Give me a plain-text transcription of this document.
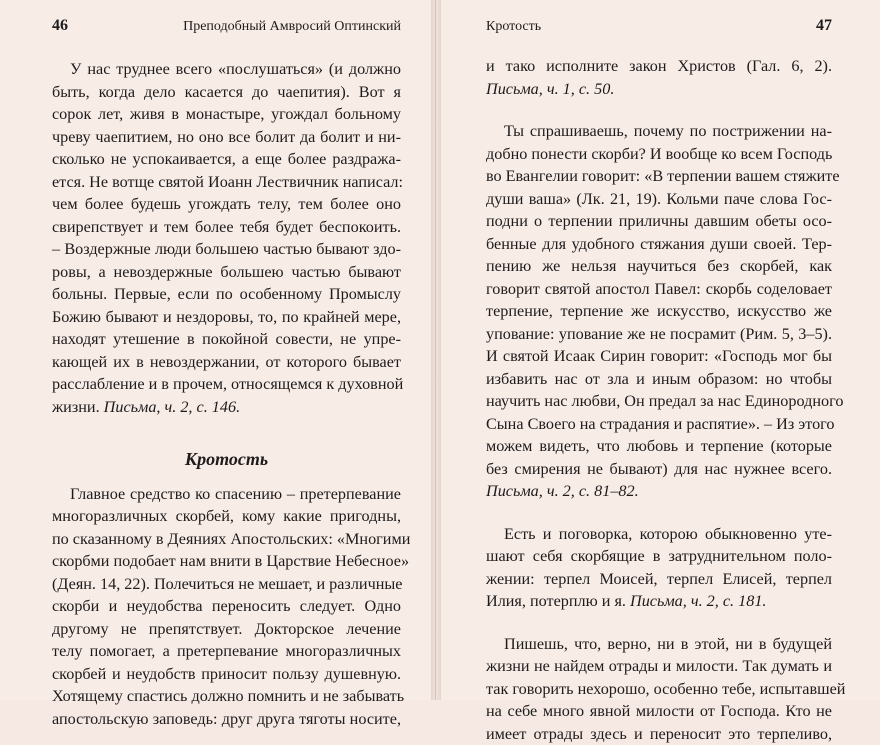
46	Преподобный Амвросий Оптинский
У нас труднее всего «послушаться» (и должно
быть, когда дело касается до чаепития). Вот я
сорок лет, живя в монастыре, угождал больному
чреву чаепитием, но оно все болит да болит и ни-
сколько не успокаивается, а еще более раздража-
ется. Не вотще святой Иоанн Лествичник написал:
чем более будешь угождать телу, тем более оно
свирепствует и тем более тебя будет беспокоить.
– Воздержные люди большею частью бывают здо-
ровы, а невоздержные большею частью бывают
больны. Первые, если по особенному Промыслу
Божию бывают и нездоровы, то, по крайней мере,
находят утешение в покойной совести, не упре-
кающей их в невоздержании, от которого бывает
расслабление и в прочем, относящемся к духовной
жизни. Письма, ч. 2, с. 146.
Кротость
Главное средство ко спасению – претерпевание
многоразличных скорбей, кому какие пригодны,
по сказанному в Деяниях Апостольских: «Многими
скорбми подобает нам внити в Царствие Небесное»
(Деян. 14, 22). Полечиться не мешает, и различные
скорби и неудобства переносить следует. Одно
другому не препятствует. Докторское лечение
телу помогает, а претерпевание многоразличных
скорбей и неудобств приносит пользу душевную.
Хотящему спастись должно помнить и не забывать
апостольскую заповедь: друг друга тяготы носите,
Кротость	47
и тако исполните закон Христов (Гал. 6, 2).
Письма, ч. 1, с. 50.
Ты спрашиваешь, почему по пострижении на-
добно понести скорби? И вообще ко всем Господь
во Евангелии говорит: «В терпении вашем стяжите
души ваша» (Лк. 21, 19). Кольми паче слова Гос-
подни о терпении приличны давшим обеты осо-
бенные для удобного стяжания души своей. Тер-
пению же нельзя научиться без скорбей, как
говорит святой апостол Павел: скорбь соделовает
терпение, терпение же искусство, искусство же
упование: упование же не посрамит (Рим. 5, 3–5).
И святой Исаак Сирин говорит: «Господь мог бы
избавить нас от зла и иным образом: но чтобы
научить нас любви, Он предал за нас Единородного
Сына Своего на страдания и распятие». – Из этого
можем видеть, что любовь и терпение (которые
без смирения не бывают) для нас нужнее всего.
Письма, ч. 2, с. 81–82.
Есть и поговорка, которою обыкновенно уте-
шают себя скорбящие в затруднительном поло-
жении: терпел Моисей, терпел Елисей, терпел
Илия, потерплю и я. Письма, ч. 2, с. 181.
Пишешь, что, верно, ни в этой, ни в будущей
жизни не найдем отрады и милости. Так думать и
так говорить нехорошо, особенно тебе, испытавшей
на себе много явной милости от Господа. Кто не
имеет отрады здесь и переносит это терпеливо,
